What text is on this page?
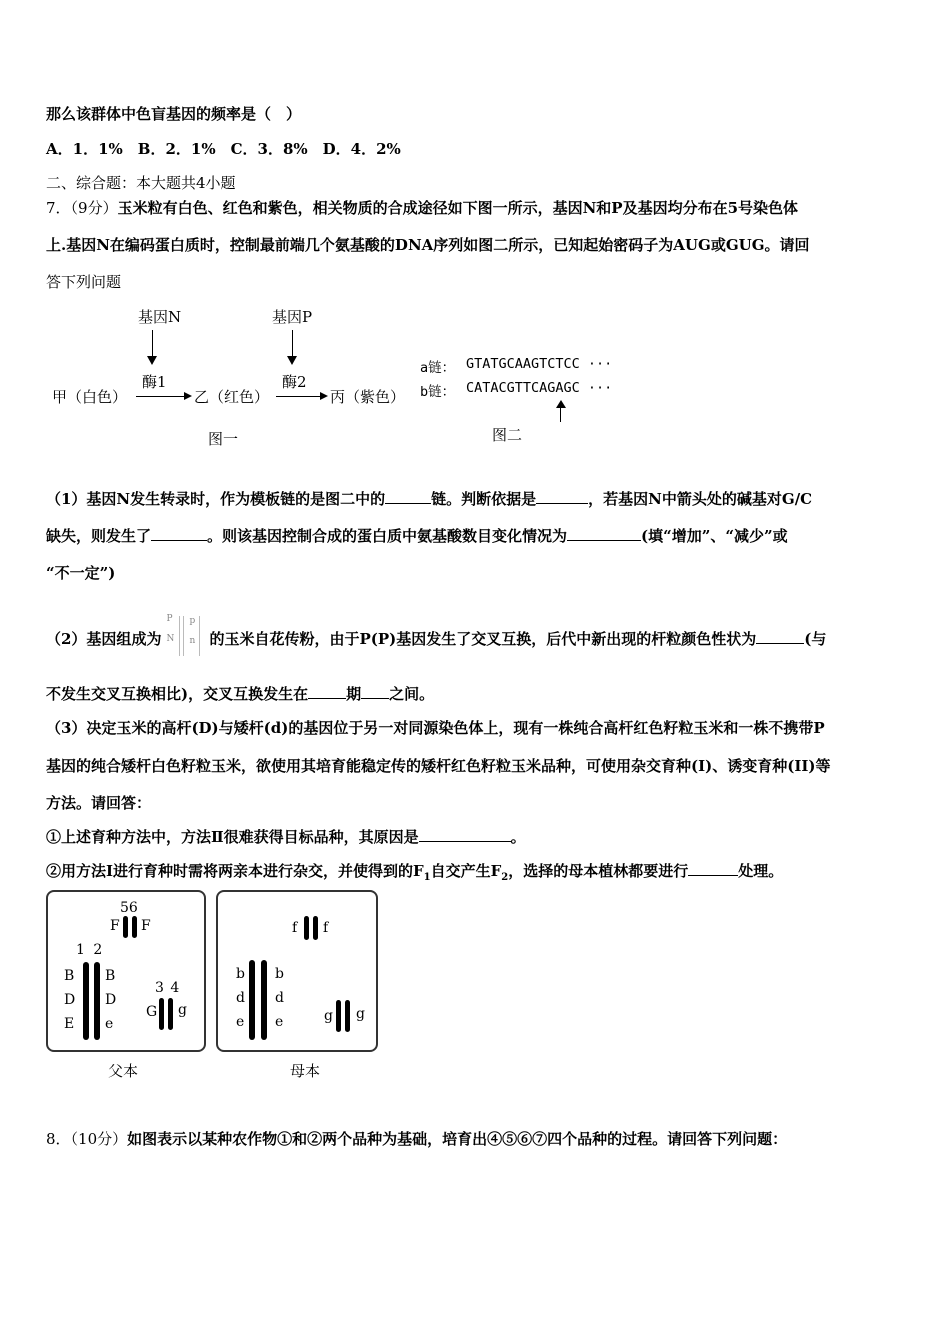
那么该群体中色盲基因的频率是（　）
A．1．1%　B．2．1%　C．3．8%　D．4．2%
二、综合题：本大题共4小题
7．（9分）玉米粒有白色、红色和紫色，相关物质的合成途径如下图一所示，基因N和P及基因均分布在5号染色体
上.基因N在编码蛋白质时，控制最前端几个氨基酸的DNA序列如图二所示，已知起始密码子为AUG或GUG。请回
答下列问题
基因N	基因P
酶1	酶2
甲（白色）	乙（红色）	丙（紫色）
图一
a链： GTATGCAAGTCTCC ···
b链： CATACGTTCAGAGC ···
图二
（1）基因N发生转录时，作为模板链的是图二中的	链。判断依据是	，若基因N中箭头处的碱基对G/C
缺失，则发生了	。则该基因控制合成的蛋白质中氨基酸数目变化情况为	(填“增加”、“减少”或
“不一定”)
（2）基因组成为
P
N
p
n 的玉米自花传粉，由于P(P)基因发生了交叉互换，后代中新出现的杆粒颜色性状为	(与
不发生交叉互换相比)，交叉互换发生在	期 之间。
（3）决定玉米的高杆(D)与矮杆(d)的基因位于另一对同源染色体上，现有一株纯合高杆红色籽粒玉米和一株不携带P
基因的纯合矮杆白色籽粒玉米，欲使用其培育能稳定传的矮杆红色籽粒玉米品种，可使用杂交育种(I)、诱变育种(II)等
方法。请回答：
①上述育种方法中，方法Ⅱ很难获得目标品种，其原因是	。
②用方法I进行育种时需将两亲本进行杂交，并使得到的$F_1$自交产生$F_2$，选择的母本植林都要进行	处理。
56
F F
1 2
B
D
E
B
D
e
3 4
G g
父本
f f
b
d
e
b
d
e	g g
母本
8．（10分）如图表示以某种农作物①和②两个品种为基础，培育出④⑤⑥⑦四个品种的过程。请回答下列问题：
